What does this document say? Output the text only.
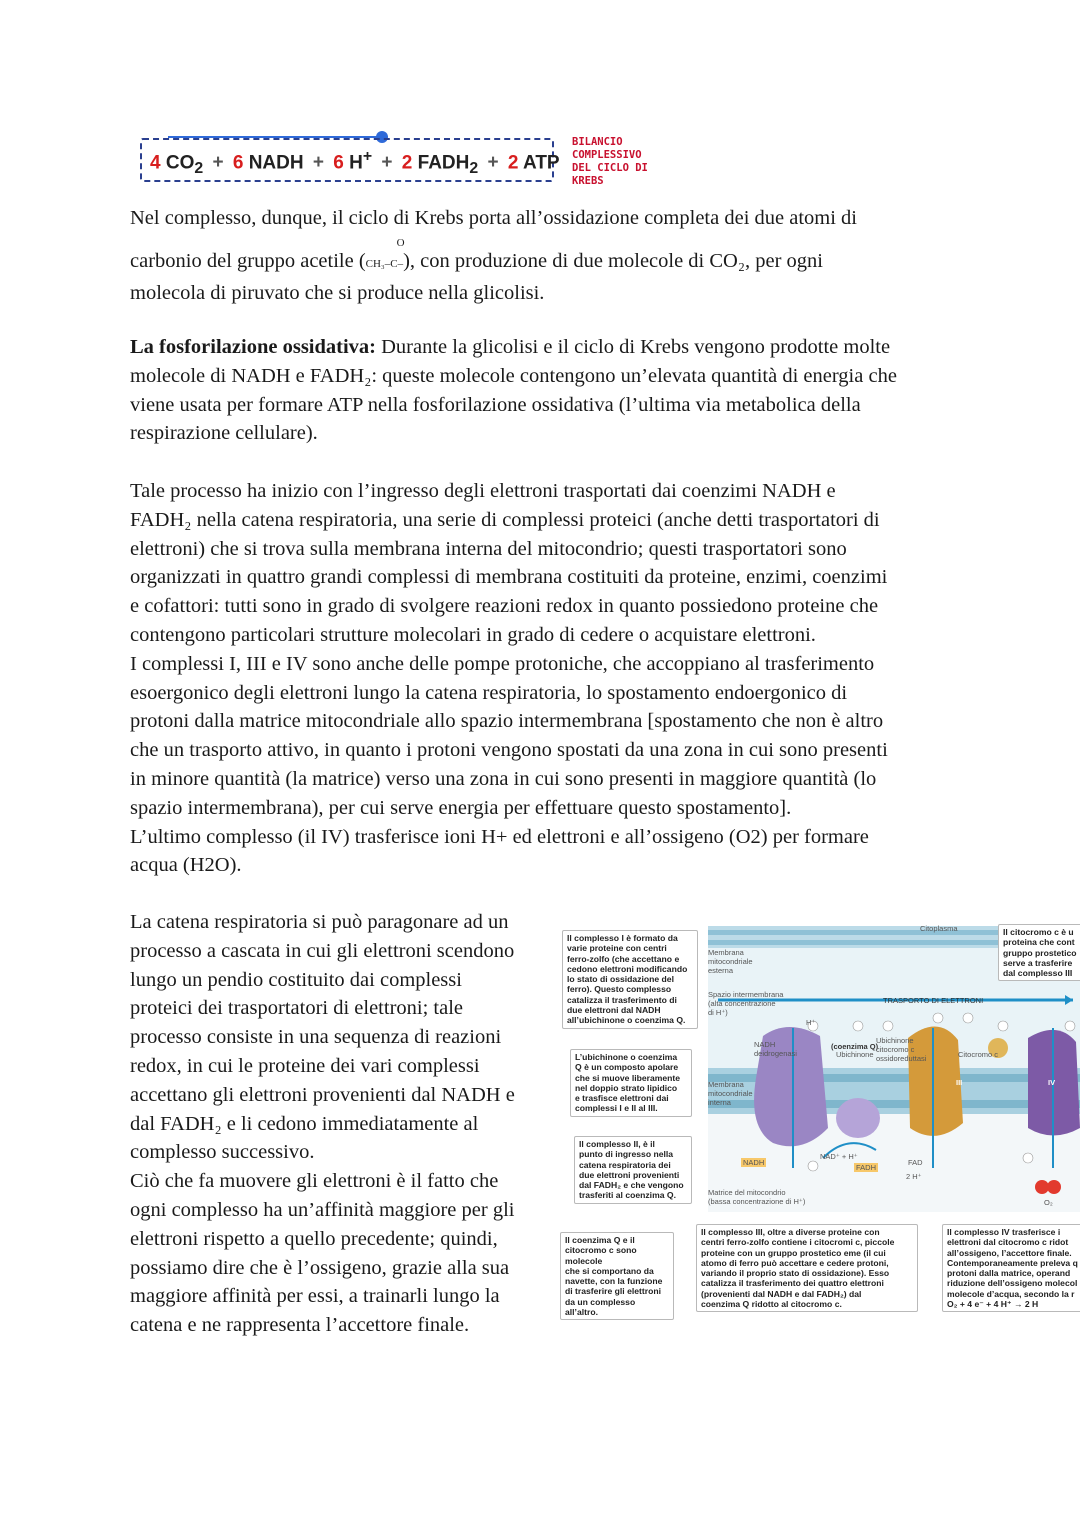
4 $CO_2 + 6$ NADH + 6 H+ + 2 $FADH_2 + 2$ ATP
BILANCIO
COMPLESSIVO
DEL CICLO DI
KREBS
Nel complesso, dunque, il ciclo di Krebs porta all’ossidazione completa dei due atomi di
carbonio del gruppo acetile (
O
CH₃–C–), con produzione di due molecole di CO₂, per ogni
molecola di piruvato che si produce nella glicolisi.
La fosforilazione ossidativa: Durante la glicolisi e il ciclo di Krebs vengono prodotte molte
molecole di NADH e FADH₂: queste molecole contengono un’elevata quantità di energia che
viene usata per formare ATP nella fosforilazione ossidativa (l’ultima via metabolica della
respirazione cellulare).
Tale processo ha inizio con l’ingresso degli elettroni trasportati dai coenzimi NADH e
FADH₂ nella catena respiratoria, una serie di complessi proteici (anche detti trasportatori di
elettroni) che si trova sulla membrana interna del mitocondrio; questi trasportatori sono
organizzati in quattro grandi complessi di membrana costituiti da proteine, enzimi, coenzimi
e cofattori: tutti sono in grado di svolgere reazioni redox in quanto possiedono proteine che
contengono particolari strutture molecolari in grado di cedere o acquistare elettroni.
I complessi I, III e IV sono anche delle pompe protoniche, che accoppiano al trasferimento
esoergonico degli elettroni lungo la catena respiratoria, lo spostamento endoergonico di
protoni dalla matrice mitocondriale allo spazio intermembrana [spostamento che non è altro
che un trasporto attivo, in quanto i protoni vengono spostati da una zona in cui sono presenti
in minore quantità (la matrice) verso una zona in cui sono presenti in maggiore quantità (lo
spazio intermembrana), per cui serve energia per effettuare questo spostamento].
L’ultimo complesso (il IV) trasferisce ioni H+ ed elettroni e all’ossigeno (O2) per formare
acqua (H2O).
La catena respiratoria si può paragonare ad un
processo a cascata in cui gli elettroni scendono
lungo un pendio costituito dai complessi
proteici dei trasportatori di elettroni; tale
processo consiste in una sequenza di reazioni
redox, in cui le proteine dei vari complessi
accettano gli elettroni provenienti dal NADH e
dal FADH₂ e li cedono immediatamente al
complesso successivo.
Ciò che fa muovere gli elettroni è il fatto che
ogni complesso ha un’affinità maggiore per gli
elettroni rispetto a quello precedente; quindi,
possiamo dire che è l’ossigeno, grazie alla sua
maggiore affinità per essi, a trainarli lungo la
catena e ne rappresenta l’accettore finale.
Citoplasma
Membrana
mitocondriale
esterna
Spazio intermembrana
(alta concentrazione
di H⁺)
TRASPORTO DI ELETTRONI
Membrana
mitocondriale
interna
Matrice del mitocondrio
(bassa concentrazione di H⁺)
NADH
deidrogenasi
(coenzima Q)
Ubichinone
Ubichinone
citocromo c
ossidoreduttasi	Citocromo c
NADH
NAD⁺ + H⁺
FADH
FAD
2 H⁺
O₂
H⁺
III	IV
Il complesso I è formato da
varie proteine con centri
ferro-zolfo (che accettano e
cedono elettroni modificando
lo stato di ossidazione del
ferro). Questo complesso
catalizza il trasferimento di
due elettroni dal NADH
all’ubichinone o coenzima Q.
L’ubichinone o coenzima
Q è un composto apolare
che si muove liberamente
nel doppio strato lipidico
e trasfisce elettroni dai
complessi I e II al III.
Il complesso II, è il
punto di ingresso nella
catena respiratoria dei
due elettroni provenienti
dal FADH₂ e che vengono
trasferiti al coenzima Q.
Il coenzima Q e il
citocromo c sono molecole
che si comportano da
navette, con la funzione
di trasferire gli elettroni
da un complesso all’altro.
Il complesso III, oltre a diverse proteine con
centri ferro-zolfo contiene i citocromi c, piccole
proteine con un gruppo prostetico eme (il cui
atomo di ferro può accettare e cedere protoni,
variando il proprio stato di ossidazione). Esso
catalizza il trasferimento dei quattro elettroni
(provenienti dal NADH e dal FADH₂) dal
coenzima Q ridotto al citocromo c.
Il citocromo c è u
proteina che cont
gruppo prostetico
serve a trasferire
dal complesso III
Il complesso IV trasferisce i
elettroni dal citocromo c ridot
all’ossigeno, l’accettore finale.
Contemporaneamente preleva q
protoni dalla matrice, operand
riduzione dell’ossigeno molecol
molecole d’acqua, secondo la r
O₂ + 4 e⁻ + 4 H⁺ → 2 H
